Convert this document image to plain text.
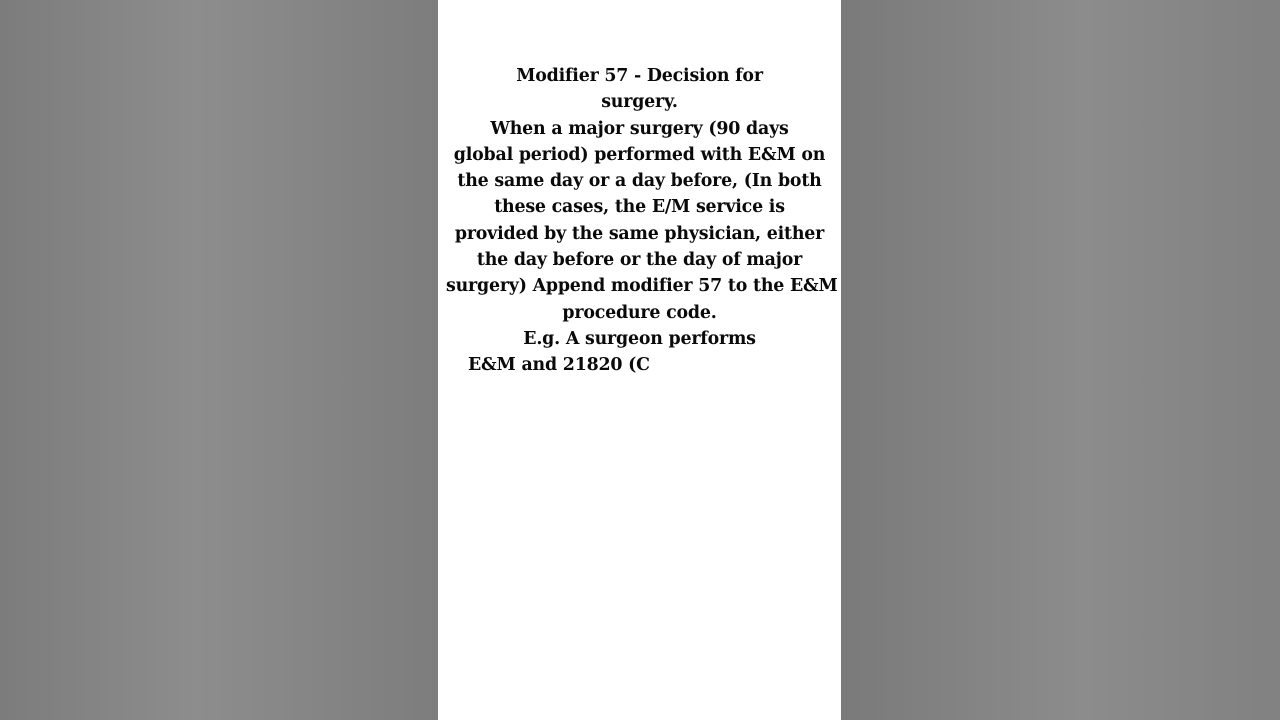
Modifier 57 - Decision for
surgery.
When a major surgery (90 days
global period) performed with E&M on
the same day or a day before, (In both
these cases, the E/M service is
provided by the same physician, either
the day before or the day of major
surgery) Append modifier 57 to the E&M
procedure code.
E.g. A surgeon performs
E&M and 21820 (C
